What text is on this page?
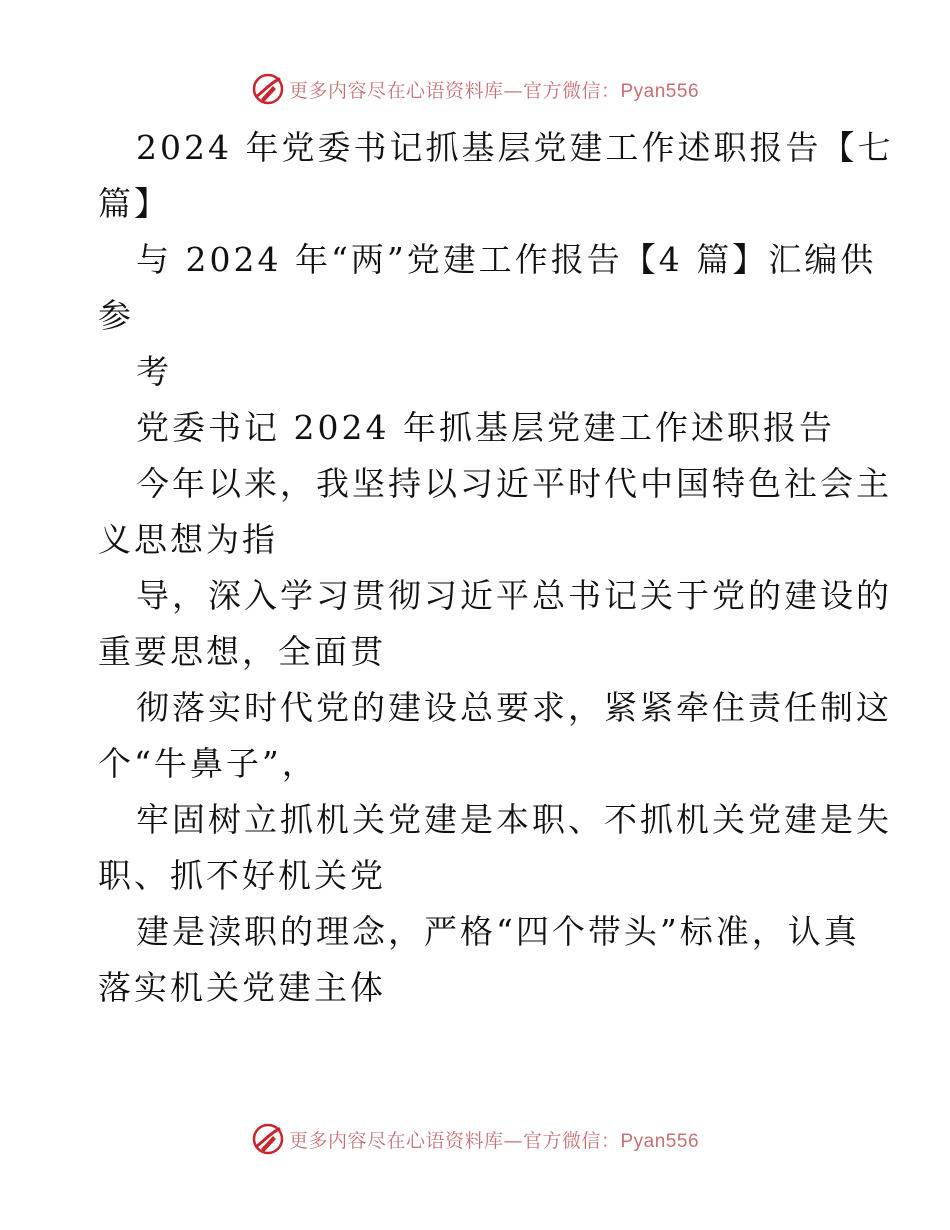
更多内容尽在心语资料库—官方微信：Pyan556
2024 年党委书记抓基层党建工作述职报告【七
篇】
与 2024 年“两”党建工作报告【4 篇】汇编供
参
考
党委书记 2024 年抓基层党建工作述职报告
今年以来，我坚持以习近平时代中国特色社会主
义思想为指
导，深入学习贯彻习近平总书记关于党的建设的
重要思想，全面贯
彻落实时代党的建设总要求，紧紧牵住责任制这
个“牛鼻子”，
牢固树立抓机关党建是本职、不抓机关党建是失
职、抓不好机关党
建是渎职的理念，严格“四个带头”标准，认真
落实机关党建主体
更多内容尽在心语资料库—官方微信：Pyan556
